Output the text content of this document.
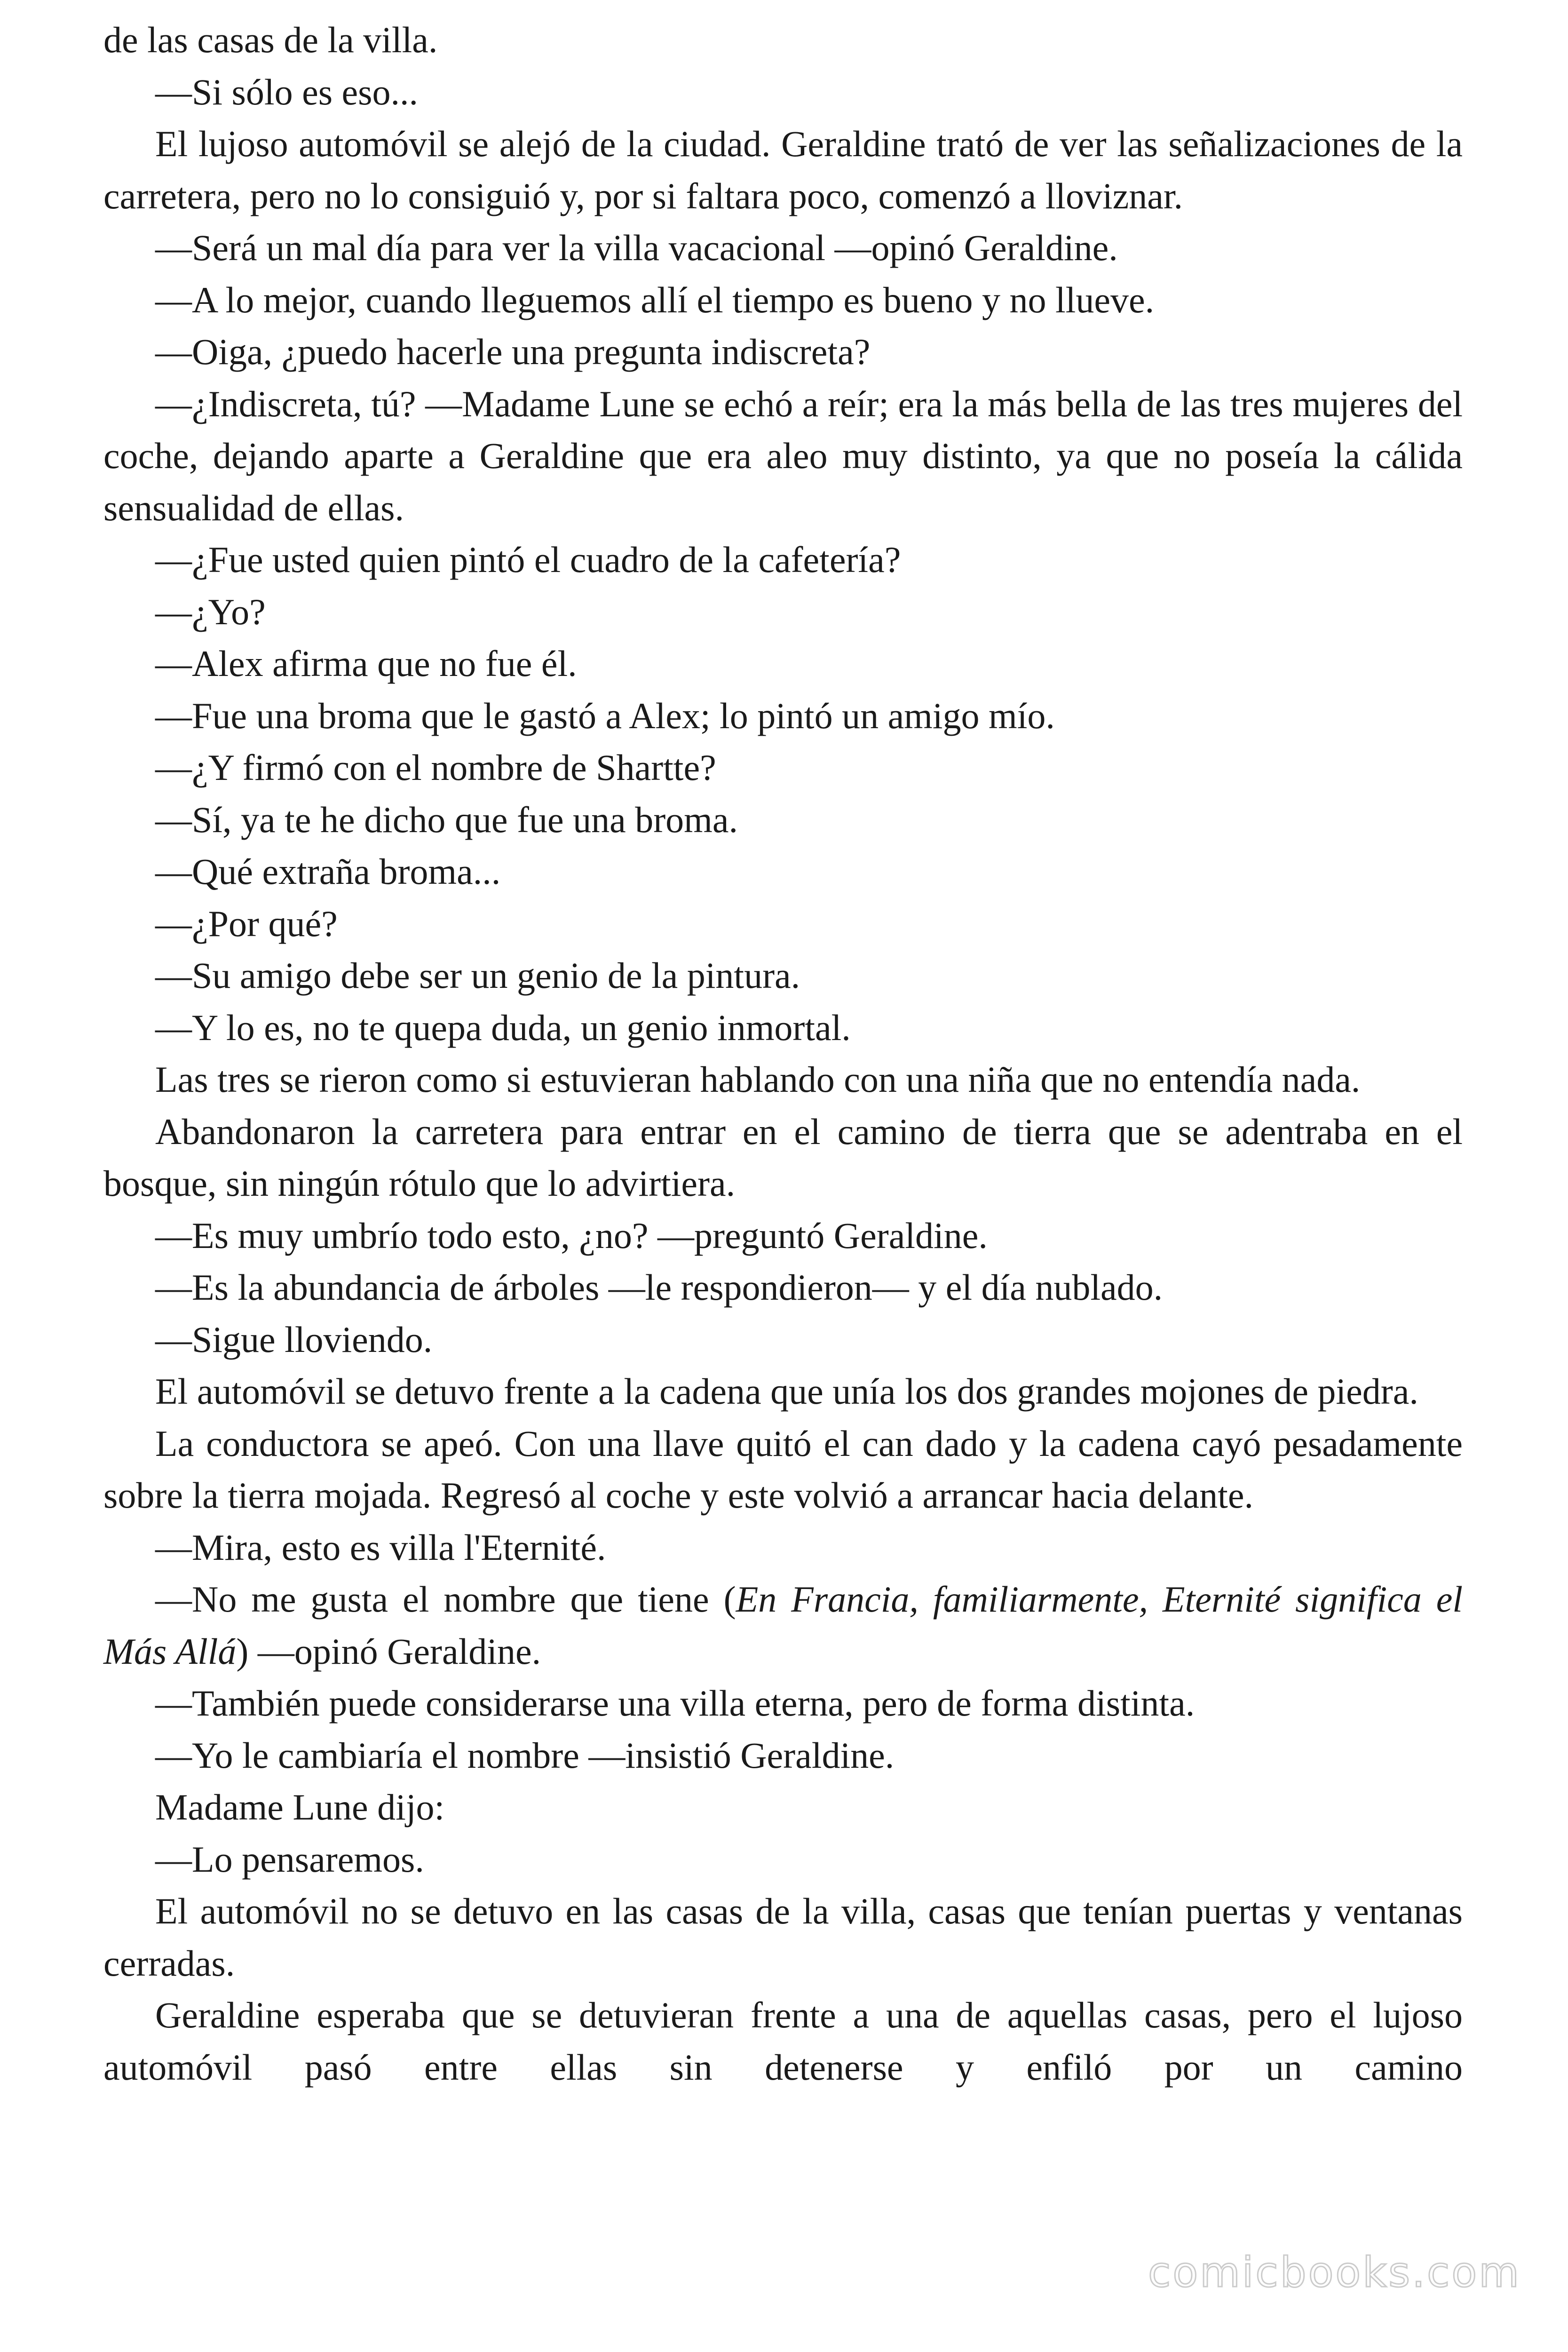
de las casas de la villa.

—Si sólo es eso...

El lujoso automóvil se alejó de la ciudad. Geraldine trató de ver las señalizaciones de la carretera, pero no lo consiguió y, por si faltara poco, comenzó a lloviznar.

—Será un mal día para ver la villa vacacional —opinó Geraldine.

—A lo mejor, cuando lleguemos allí el tiempo es bueno y no llueve.

—Oiga, ¿puedo hacerle una pregunta indiscreta?

—¿Indiscreta, tú? —Madame Lune se echó a reír; era la más bella de las tres mujeres del coche, dejando aparte a Geraldine que era aleo muy distinto, ya que no poseía la cálida sensualidad de ellas.

—¿Fue usted quien pintó el cuadro de la cafetería?

—¿Yo?

—Alex afirma que no fue él.

—Fue una broma que le gastó a Alex; lo pintó un amigo mío.

—¿Y firmó con el nombre de Shartte?

—Sí, ya te he dicho que fue una broma.

—Qué extraña broma...

—¿Por qué?

—Su amigo debe ser un genio de la pintura.

—Y lo es, no te quepa duda, un genio inmortal.

Las tres se rieron como si estuvieran hablando con una niña que no entendía nada.

Abandonaron la carretera para entrar en el camino de tierra que se adentraba en el bosque, sin ningún rótulo que lo advirtiera.

—Es muy umbrío todo esto, ¿no? —preguntó Geraldine.

—Es la abundancia de árboles —le respondieron— y el día nublado.

—Sigue lloviendo.

El automóvil se detuvo frente a la cadena que unía los dos grandes mojones de piedra.

La conductora se apeó. Con una llave quitó el can dado y la cadena cayó pesadamente sobre la tierra mojada. Regresó al coche y este volvió a arrancar hacia delante.

—Mira, esto es villa l'Eternité.

—No me gusta el nombre que tiene (En Francia, familiarmente, Eternité significa el Más Allá) —opinó Geraldine.

—También puede considerarse una villa eterna, pero de forma distinta.

—Yo le cambiaría el nombre —insistió Geraldine.

Madame Lune dijo:

—Lo pensaremos.

El automóvil no se detuvo en las casas de la villa, casas que tenían puertas y ventanas cerradas.

Geraldine esperaba que se detuvieran frente a una de aquellas casas, pero el lujoso automóvil pasó entre ellas sin detenerse y enfiló por un camino

comicbooks.com
